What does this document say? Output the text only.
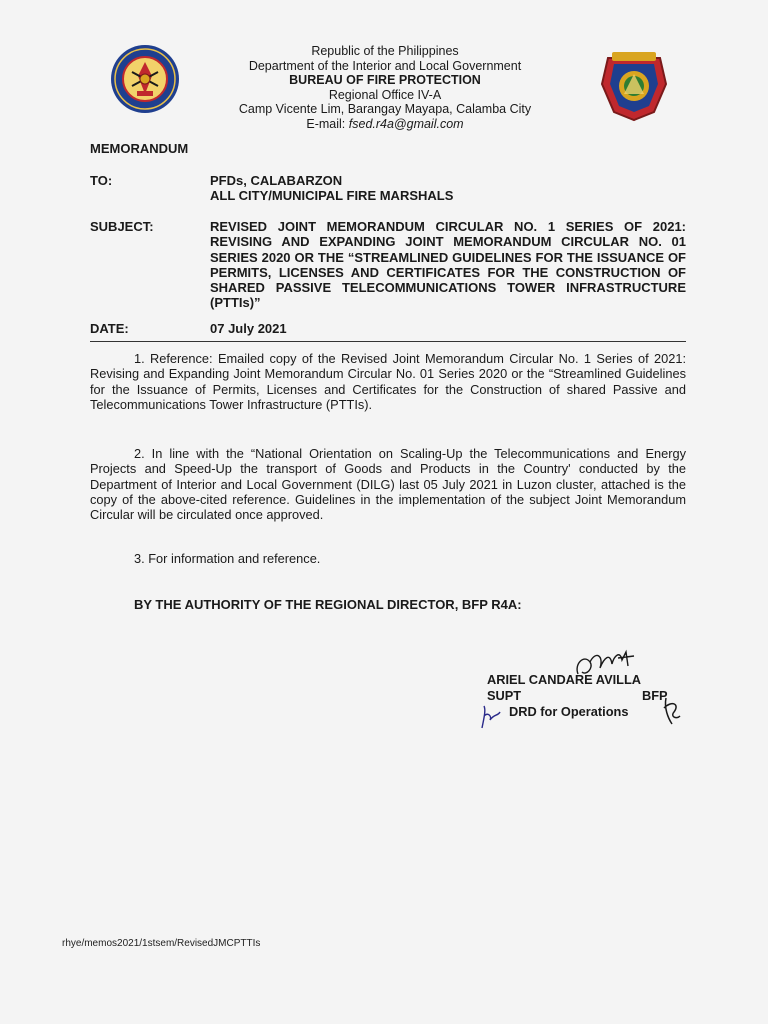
Republic of the Philippines
Department of the Interior and Local Government
BUREAU OF FIRE PROTECTION
Regional Office IV-A
Camp Vicente Lim, Barangay Mayapa, Calamba City
E-mail: fsed.r4a@gmail.com
MEMORANDUM
TO:	PFDs, CALABARZON
ALL CITY/MUNICIPAL FIRE MARSHALS
SUBJECT:	REVISED JOINT MEMORANDUM CIRCULAR NO. 1 SERIES OF 2021: REVISING AND EXPANDING JOINT MEMORANDUM CIRCULAR NO. 01 SERIES 2020 OR THE “STREAMLINED GUIDELINES FOR THE ISSUANCE OF PERMITS, LICENSES AND CERTIFICATES FOR THE CONSTRUCTION OF SHARED PASSIVE TELECOMMUNICATIONS TOWER INFRASTRUCTURE (PTTIs)”
DATE:	07 July 2021
1. Reference: Emailed copy of the Revised Joint Memorandum Circular No. 1 Series of 2021: Revising and Expanding Joint Memorandum Circular No. 01 Series 2020 or the “Streamlined Guidelines for the Issuance of Permits, Licenses and Certificates for the Construction of shared Passive and Telecommunications Tower Infrastructure (PTTIs).
2. In line with the “National Orientation on Scaling-Up the Telecommunications and Energy Projects and Speed-Up the transport of Goods and Products in the Country' conducted by the Department of Interior and Local Government (DILG) last 05 July 2021 in Luzon cluster, attached is the copy of the above-cited reference. Guidelines in the implementation of the subject Joint Memorandum Circular will be circulated once approved.
3. For information and reference.
BY THE AUTHORITY OF THE REGIONAL DIRECTOR, BFP R4A:
ARIEL CANDARE AVILLA
SUPT	BFP
DRD for Operations
rhye/memos2021/1stsem/RevisedJMCPTTIs
